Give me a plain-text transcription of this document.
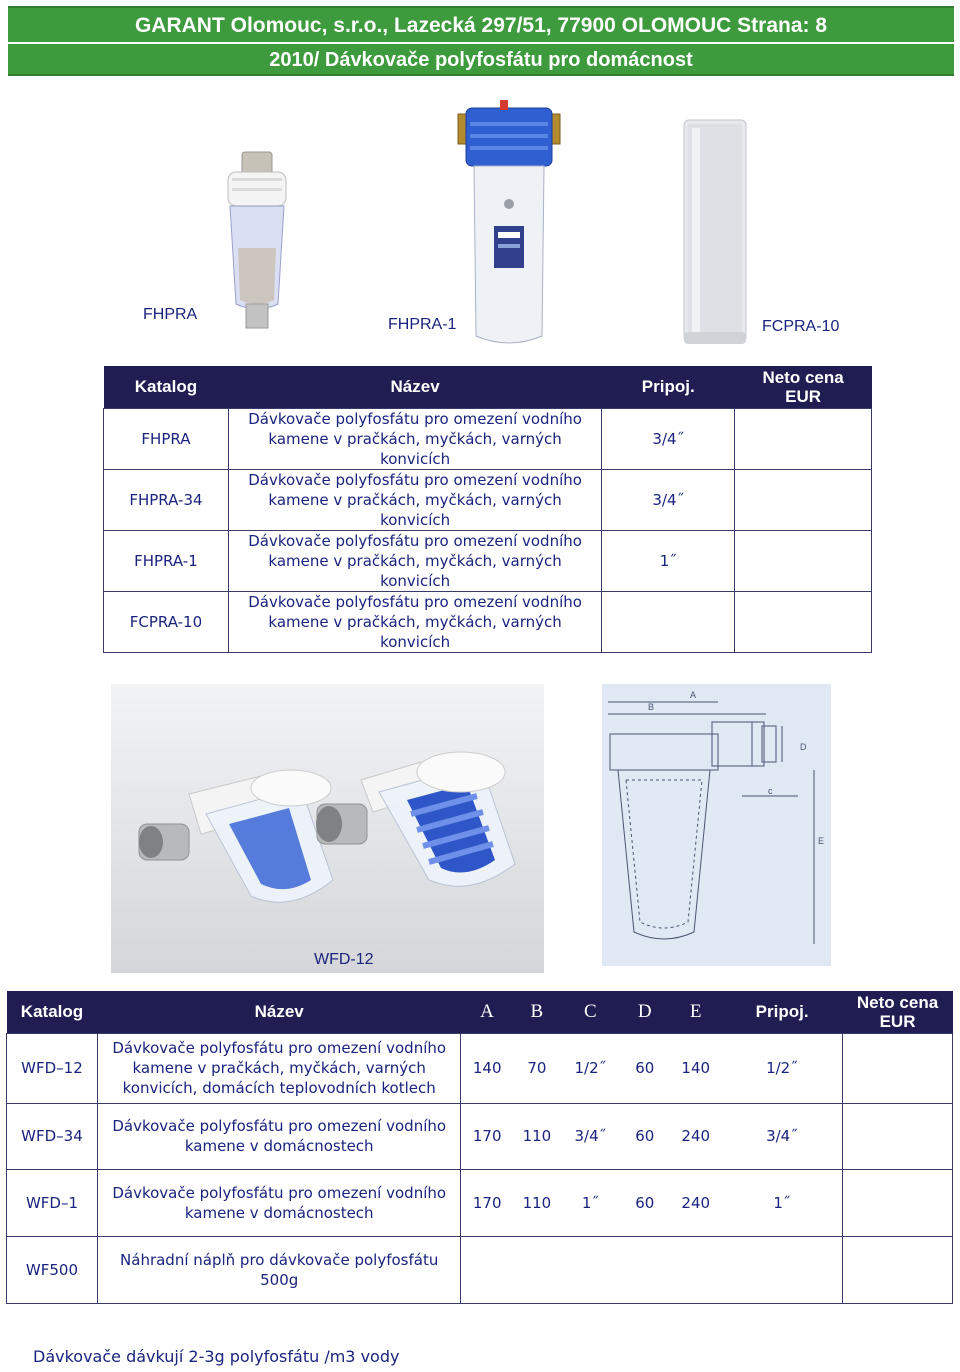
GARANT Olomouc, s.r.o., Lazecká 297/51, 77900 OLOMOUC Strana: 8
2010/ Dávkovače polyfosfátu pro domácnost
FHPRA
FHPRA-1	FCPRA-10
Katalog	Název	Pripoj.	Neto cena
EUR

FHPRA	Dávkovače polyfosfátu pro omezení vodního
kamene v pračkách, myčkách, varných
konvicích	3/4˝	
FHPRA-34	Dávkovače polyfosfátu pro omezení vodního
kamene v pračkách, myčkách, varných
konvicích	3/4˝	
FHPRA-1	Dávkovače polyfosfátu pro omezení vodního
kamene v pračkách, myčkách, varných
konvicích	1˝	
FCPRA-10	Dávkovače polyfosfátu pro omezení vodního
kamene v pračkách, myčkách, varných
konvicích		

WFD-12
A
B
c
D
E
Katalog	Název	A	B	C	D	E	Pripoj.	Neto cena
EUR

WFD–12	Dávkovače polyfosfátu pro omezení vodního
kamene v pračkách, myčkách, varných
konvicích, domácích teplovodních kotlech	140	70	1/2˝	60	140	1/2˝	
WFD–34	Dávkovače polyfosfátu pro omezení vodního
kamene v domácnostech	170	110	3/4˝	60	240	3/4˝	
WFD–1	Dávkovače polyfosfátu pro omezení vodního
kamene v domácnostech	170	110	1˝	60	240	1˝	
WF500	Náhradní náplň pro dávkovače polyfosfátu
500g							

Dávkovače dávkují 2-3g polyfosfátu /m3 vody
